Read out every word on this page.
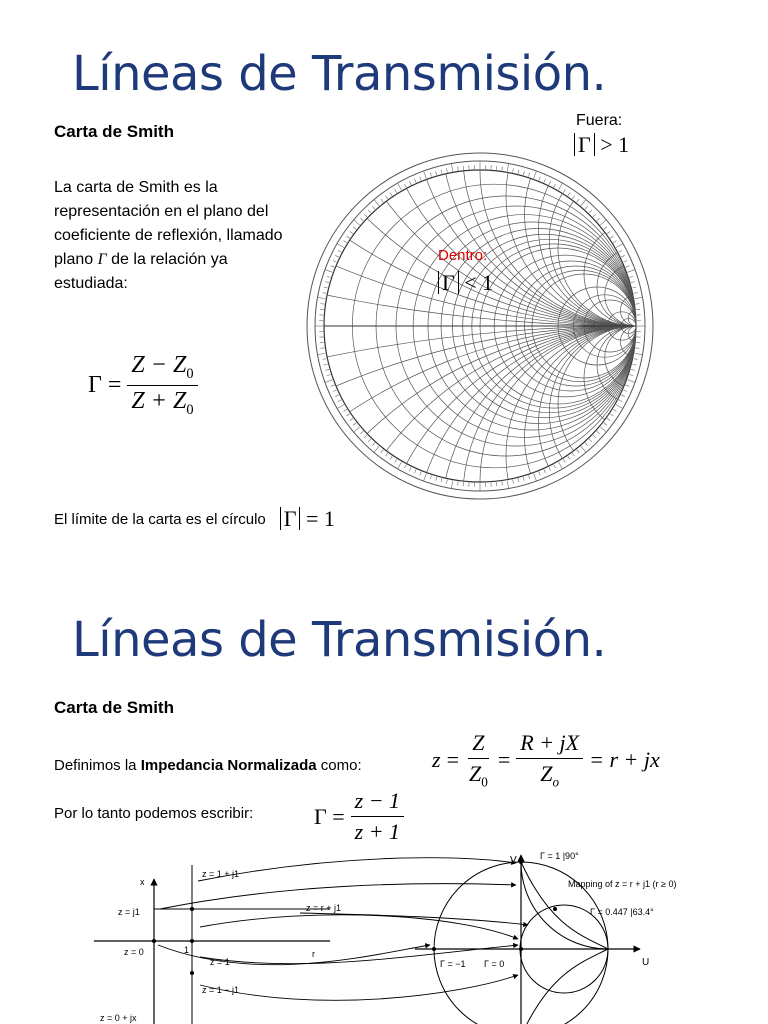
Líneas de Transmisión.
Carta de Smith
La carta de Smith es la representación en el plano del coeficiente de reflexión, llamado plano Γ de la relación ya estudiada:
$\Gamma = \frac{Z - Z_0}{Z + Z_0}$
Fuera:
Γ > 1
Dentro:
Γ < 1
El límite de la carta es el círculo Γ = 1
Líneas de Transmisión.
Carta de Smith
Definimos la Impedancia Normalizada como:	$z = \frac{Z}{Z_0} = \frac{R + jX}{Z_o} = r$ + jx
Por lo tanto podemos escribir:	$\Gamma = \frac{z - 1}{z + 1}$
x
r
z = 1 + j1
z = j1	z = r + j1
z = 0	1
z = 1
z = 1 − j1
z = 0 + jx
V
U
Γ = 1 |90°
Mapping of z = r + j1 (r ≥ 0)
Γ = 0.447 |63.4°
Γ = −1 Γ = 0
